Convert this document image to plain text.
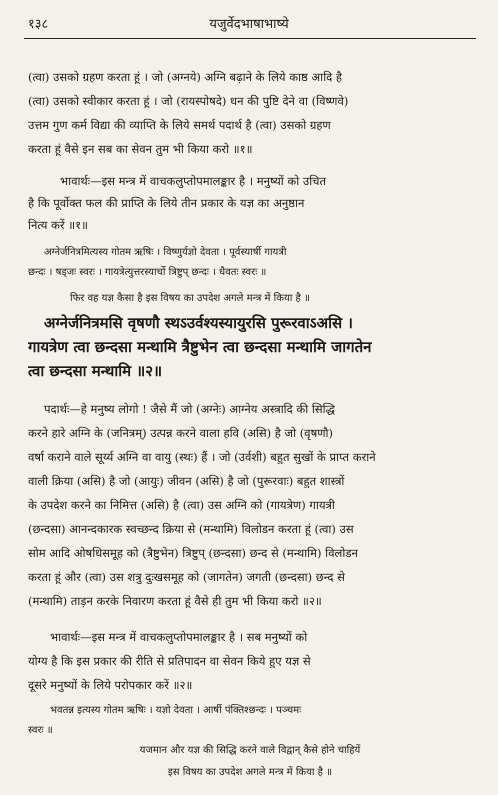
१३८	यजुर्वेदभाषाभाष्ये
(त्वा) उसको ग्रहण करता हूं । जो (अग्नये) अग्नि बढ़ाने के लिये काष्ठ आदि है
(त्वा) उसको स्वीकार करता हूं । जो (रायस्पोषदे) धन की पुष्टि देने वा (विष्णवे)
उत्तम गुण कर्म विद्या की व्याप्ति के लिये समर्थ पदार्थ है (त्वा) उसको ग्रहण
करता हूं वैसे इन सब का सेवन तुम भी किया करो ॥१॥
भावार्थः—इस मन्त्र में वाचकलुप्तोपमालङ्कार है । मनुष्यों को उचित
है कि पूर्वोक्त फल की प्राप्ति के लिये तीन प्रकार के यज्ञ का अनुष्ठान
नित्य करें ॥१॥
अग्नेर्जनित्रमित्यस्य गोतम ऋषिः । विष्णुर्यज्ञो देवता । पूर्वस्यार्षी गायत्री
छन्दः । षड्जः स्वरः । गायत्रेत्युत्तरस्यार्चो त्रिष्टुप् छन्दः । धैवतः स्वरः ॥
फिर वह यज्ञ कैसा है इस विषय का उपदेश अगले मन्त्र में किया है ॥
अग्नेर्जनित्रमसि वृषणौ स्थऽउर्वश्यस्यायुरसि पुरूरवाऽअसि ।
गायत्रेण त्वा छन्दसा मन्थामि त्रैष्टुभेन त्वा छन्दसा मन्थामि जागतेन
त्वा छन्दसा मन्थामि ॥२॥
पदार्थः—हे मनुष्य लोगो ! जैसे मैं जो (अग्नेः) आग्नेय अस्त्रादि की सिद्धि
करने हारे अग्नि के (जनित्रम्) उत्पन्न करने वाला हवि (असि) है जो (वृषणौ)
वर्षा कराने वाले सूर्य्य अग्नि वा वायु (स्थः) हैं । जो (उर्वशी) बहुत सुखों के प्राप्त कराने
वाली क्रिया (असि) है जो (आयुः) जीवन (असि) है जो (पुरूरवाः) बहुत शास्त्रों
के उपदेश करने का निमित्त (असि) है (त्वा) उस अग्नि को (गायत्रेण) गायत्री
(छन्दसा) आनन्दकारक स्वच्छन्द क्रिया से (मन्थामि) विलोडन करता हूं (त्वा) उस
सोम आदि ओषधिसमूह को (त्रैष्टुभेन) त्रिष्टुप् (छन्दसा) छन्द से (मन्थामि) विलोडन
करता हूं और (त्वा) उस शत्रु दुःखसमूह को (जागतेन) जगती (छन्दसा) छन्द से
(मन्थामि) ताड़न करके निवारण करता हूं वैसे ही तुम भी किया करो ॥२॥
भावार्थः—इस मन्त्र में वाचकलुप्तोपमालङ्कार है । सब मनुष्यों को
योग्य है कि इस प्रकार की रीति से प्रतिपादन वा सेवन किये हुए यज्ञ से
दूसरे मनुष्यों के लिये परोपकार करें ॥२॥
भवतन्न इत्यस्य गोतम ऋषिः । यज्ञो देवता । आर्षी पंक्तिश्छन्दः । पञ्चमः
स्वरः ॥
यजमान और यज्ञ की सिद्धि करने वाले विद्वान् कैसे होने चाहियें
इस विषय का उपदेश अगले मन्त्र में किया है ॥
